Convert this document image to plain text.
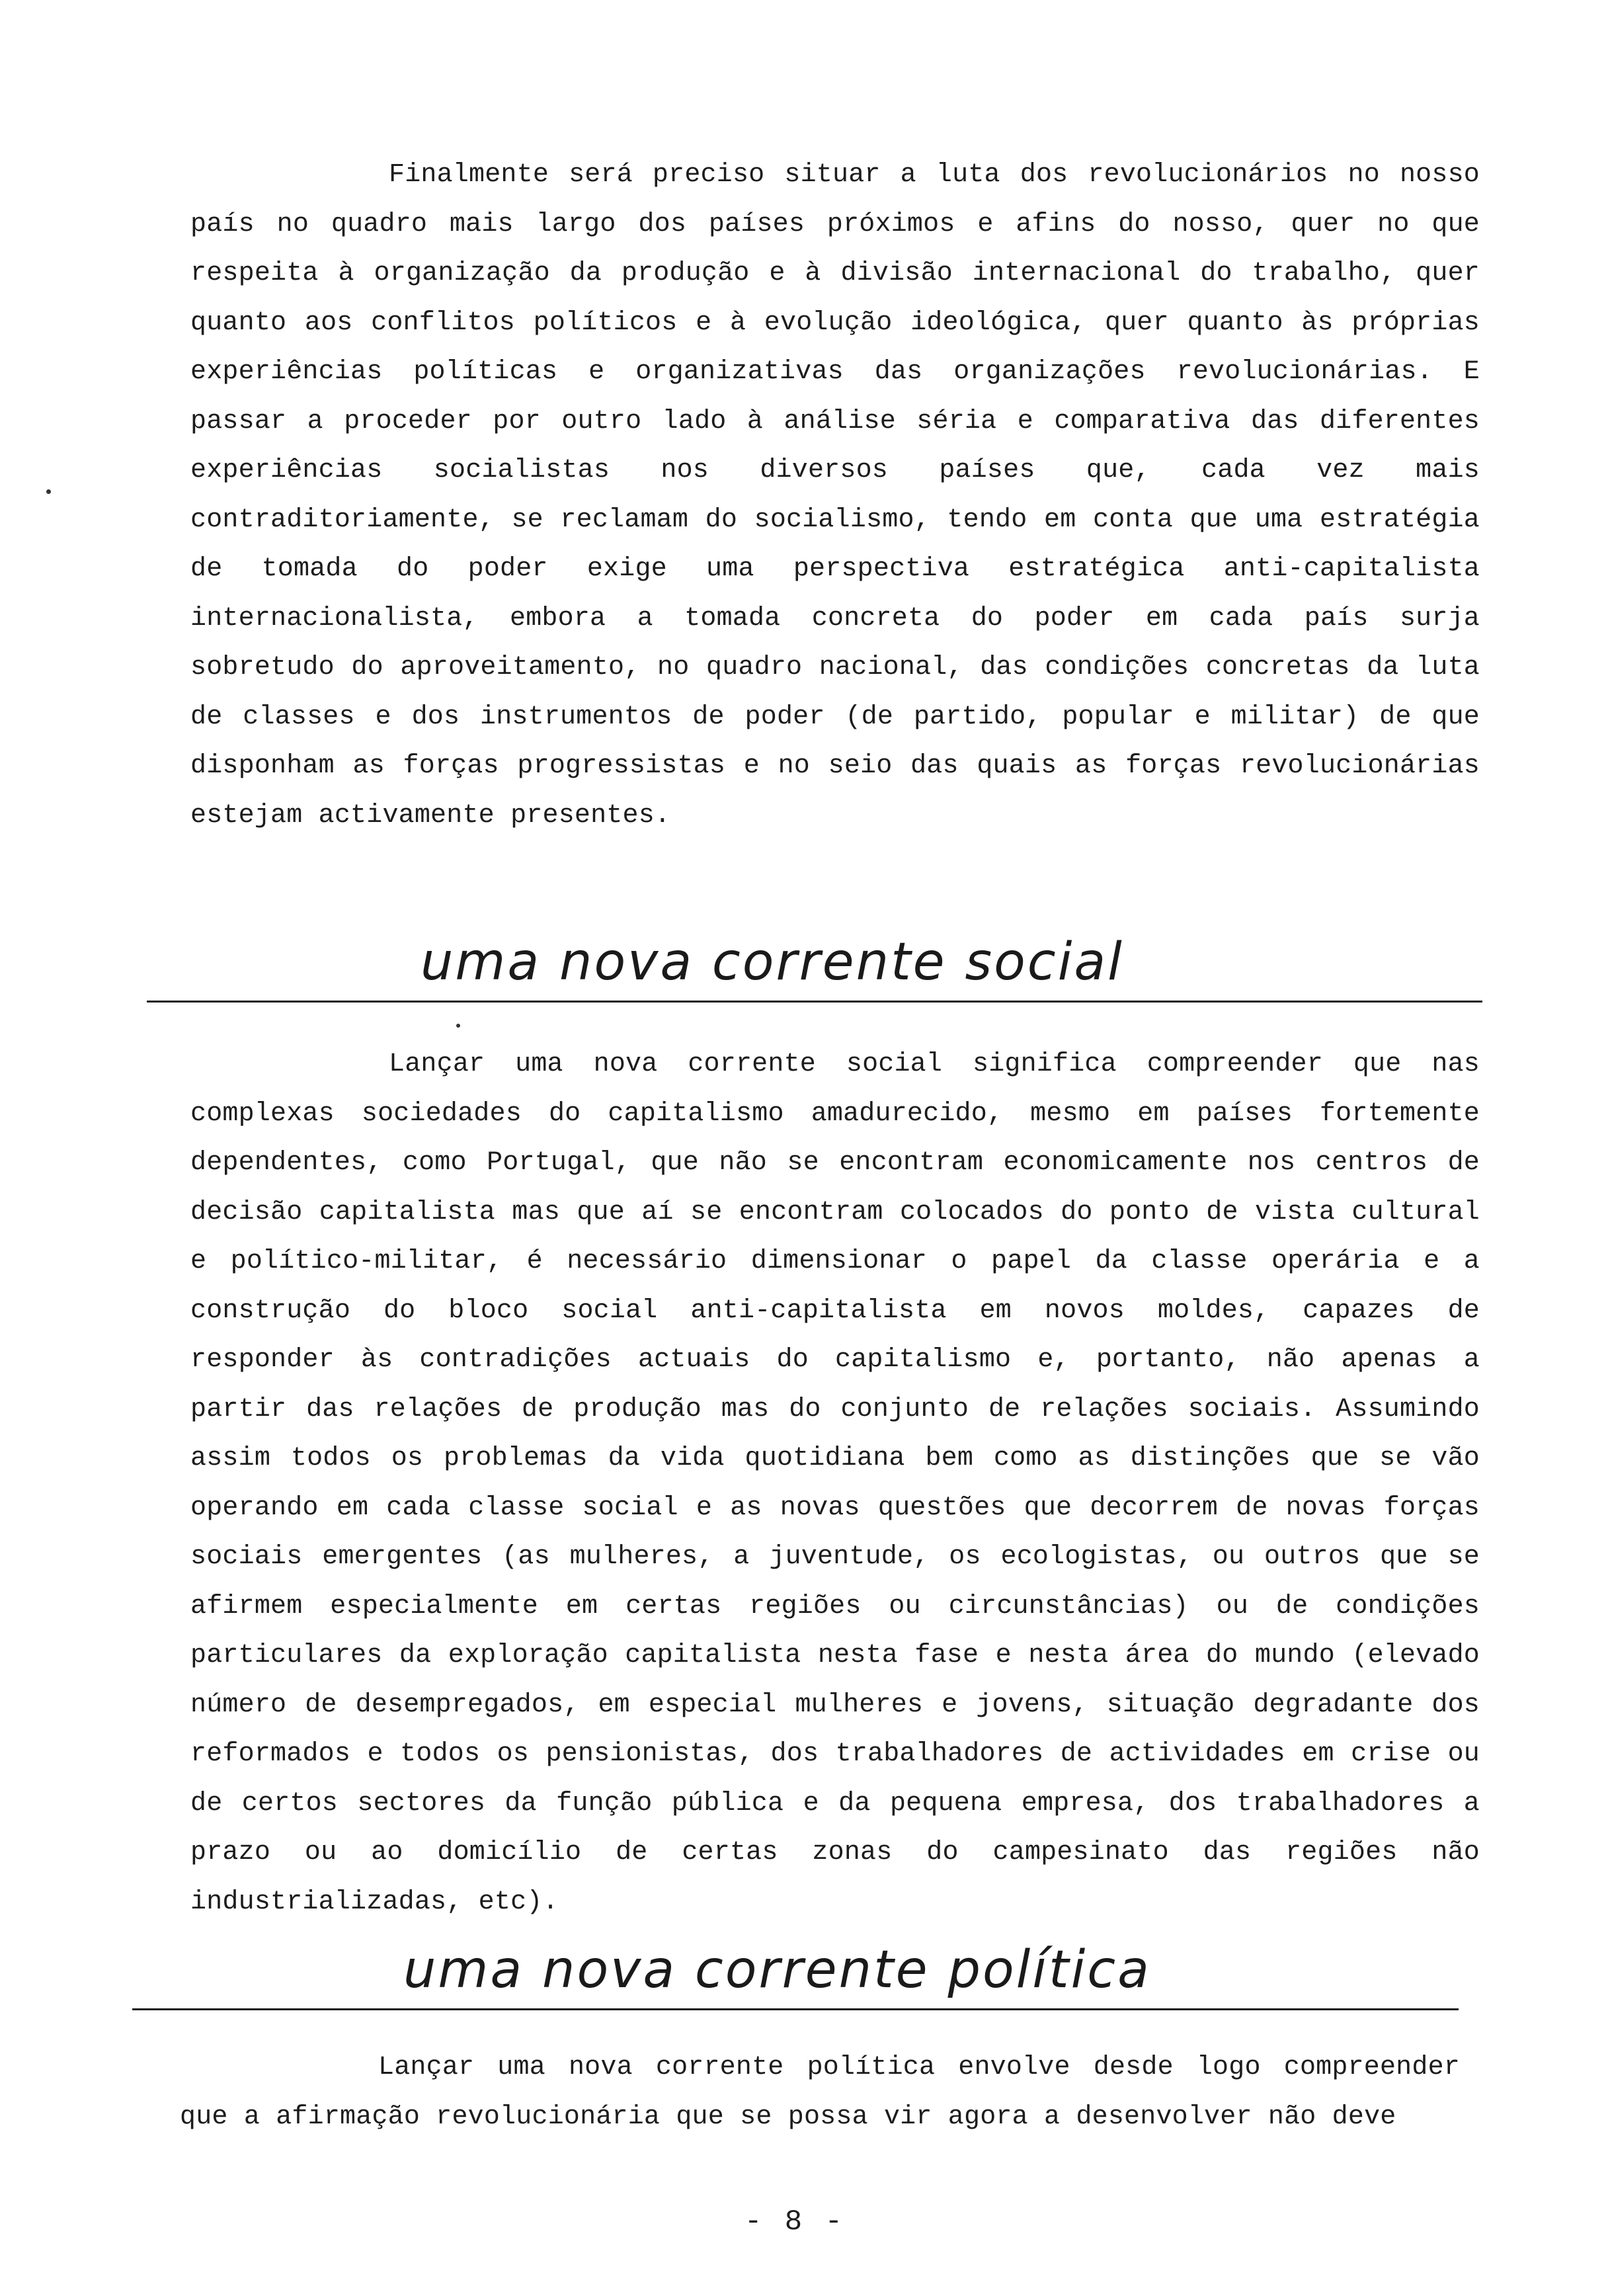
Finalmente será preciso situar a luta dos revolucionários no nosso país no quadro mais largo dos países próximos e afins do nosso, quer no que respeita à organização da produção e à divisão internacional do trabalho, quer quanto aos conflitos políticos e à evolução ideológica, quer quanto às próprias experiências políticas e organizativas das organizações revolucionárias. E passar a proceder por outro lado à análise séria e comparativa das diferentes experiências socialistas nos diversos países que, cada vez mais contraditoriamente, se reclamam do socialismo, tendo em conta que uma estratégia de tomada do poder exige uma perspectiva estratégica anti-capitalista internacionalista, embora a tomada concreta do poder em cada país surja sobretudo do aproveitamento, no quadro nacional, das condições concretas da luta de classes e dos instrumentos de poder (de partido, popular e militar) de que disponham as forças progressistas e no seio das quais as forças revolucionárias estejam activamente presentes.

uma nova corrente social

Lançar uma nova corrente social significa compreender que nas complexas sociedades do capitalismo amadurecido, mesmo em países fortemente dependentes, como Portugal, que não se encontram economicamente nos centros de decisão capitalista mas que aí se encontram colocados do ponto de vista cultural e político-militar, é necessário dimensionar o papel da classe operária e a construção do bloco social anti-capitalista em novos moldes, capazes de responder às contradições actuais do capitalismo e, portanto, não apenas a partir das relações de produção mas do conjunto de relações sociais. Assumindo assim todos os problemas da vida quotidiana bem como as distinções que se vão operando em cada classe social e as novas questões que decorrem de novas forças sociais emergentes (as mulheres, a juventude, os ecologistas, ou outros que se afirmem especialmente em certas regiões ou circunstâncias) ou de condições particulares da exploração capitalista nesta fase e nesta área do mundo (elevado número de desempregados, em especial mulheres e jovens, situação degradante dos reformados e todos os pensionistas, dos trabalhadores de actividades em crise ou de certos sectores da função pública e da pequena empresa, dos trabalhadores a prazo ou ao domicílio de certas zonas do campesinato das regiões não industrializadas, etc).

uma nova corrente política

Lançar uma nova corrente política envolve desde logo compreender que a afirmação revolucionária que se possa vir agora a desenvolver não deve

- 8 -
